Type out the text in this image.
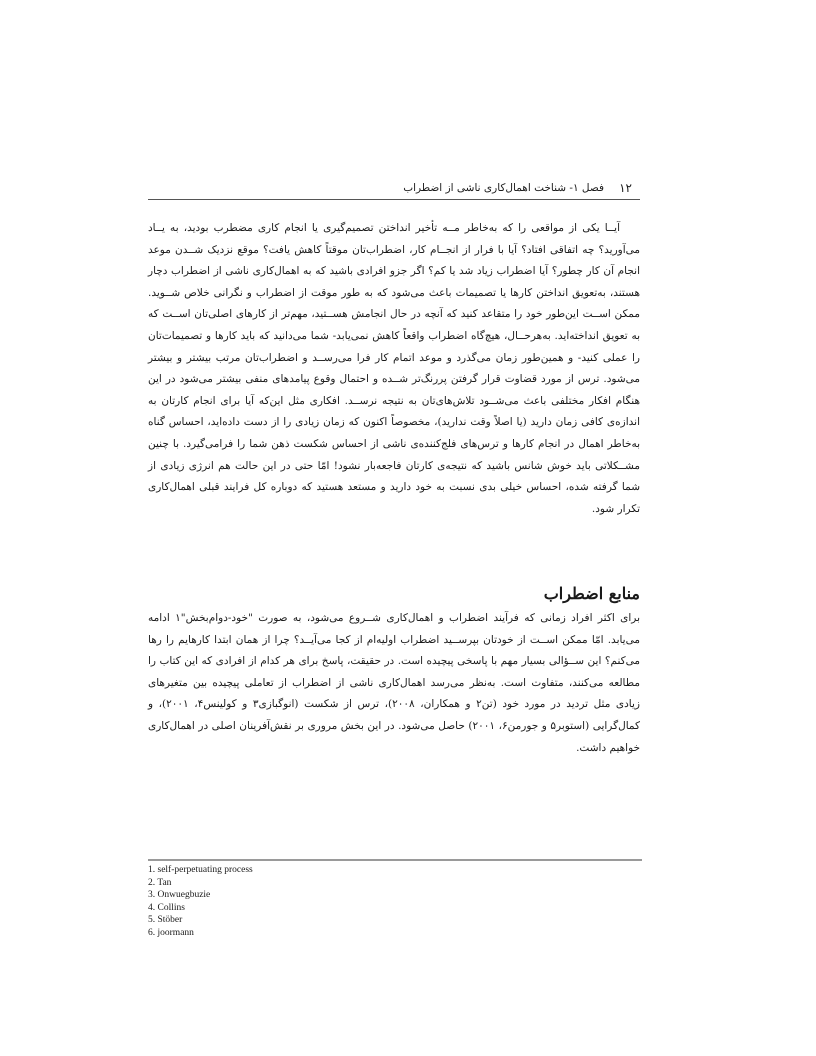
۱۲
فصل ۱- شناخت اهمال‌کاری ناشی از اضطراب
آیــا یکی از مواقعی را که به‌خاطر مــه تأخیر انداختن تصمیم‌گیری یا انجام کاری مضطرب بودید، به یــاد می‌آورید؟ چه اتفاقی افتاد؟ آیا با فرار از انجــام کار، اضطراب‌تان موقتاً کاهش یافت؟ موقع نزدیک شــدن موعد انجام آن کار چطور؟ آیا اضطراب زیاد شد یا کم؟ اگر جزو افرادی باشید که به اهمال‌کاری ناشی از اضطراب دچار هستند، به‌تعویق انداختن کارها یا تصمیمات باعث می‌شود که به طور موقت از اضطراب و نگرانی خلاص شــوید. ممکن اســت این‌طور خود را متقاعد کنید که آنچه در حال انجامش هســتید، مهم‌تر از کارهای اصلی‌تان اســت که به تعویق انداخته‌اید. به‌هرحــال، هیچ‌گاه اضطراب واقعاً کاهش نمی‌یابد- شما می‌دانید که باید کارها و تصمیمات‌تان را عملی کنید- و همین‌طور زمان می‌گذرد و موعد اتمام کار فرا می‌رســد و اضطراب‌تان مرتب بیشتر و بیشتر می‌شود. ترس از مورد قضاوت قرار گرفتن پررنگ‌تر شــده و احتمال وقوع پیامدهای منفی بیشتر می‌شود در این هنگام افکار مختلفی باعث می‌شــود تلاش‌های‌تان به نتیجه نرســد. افکاری مثل این‌که آیا برای انجام کارتان به اندازه‌ی کافی زمان دارید (یا اصلاً وقت ندارید)، مخصوصاً اکنون که زمان زیادی را از دست داده‌اید، احساس گناه به‌خاطر اهمال در انجام کارها و ترس‌های فلج‌کننده‌ی ناشی از احساس شکست ذهن شما را فرامی‌گیرد. با چنین مشــکلاتی باید خوش شانس باشید که نتیجه‌ی کارتان فاجعه‌بار نشود! امّا حتی در این حالت هم انرژی زیادی از شما گرفته شده، احساس خیلی بدی نسبت به خود دارید و مستعد هستید که دوباره کل فرایند قبلی اهمال‌کاری تکرار شود.
منابع اضطراب
برای اکثر افراد زمانی که فرآیند اضطراب و اهمال‌کاری شــروع می‌شود، به صورت "خود-دوام‌بخش"۱ ادامه می‌یابد. امّا ممکن اســت از خودتان بپرســید اضطراب اولیه‌ام از کجا می‌آیــد؟ چرا از همان ابتدا کارهایم را رها می‌کنم؟ این ســؤالی بسیار مهم با پاسخی پیچیده است. در حقیقت، پاسخ برای هر کدام از افرادی که این کتاب را مطالعه می‌کنند، متفاوت است. به‌نظر می‌رسد اهمال‌کاری ناشی از اضطراب از تعاملی پیچیده بین متغیرهای زیادی مثل تردید در مورد خود (تن۲ و همکاران، ۲۰۰۸)، ترس از شکست (انوگبازی۳ و کولینس۴، ۲۰۰۱)، و کمال‌گرایی (استوبر۵ و جورمن۶، ۲۰۰۱) حاصل می‌شود. در این بخش مروری بر نقش‌آفرینان اصلی در اهمال‌کاری خواهیم داشت.
1. self-perpetuating process
2. Tan
3. Onwuegbuzie
4. Collins
5. Stöber
6. joormann
